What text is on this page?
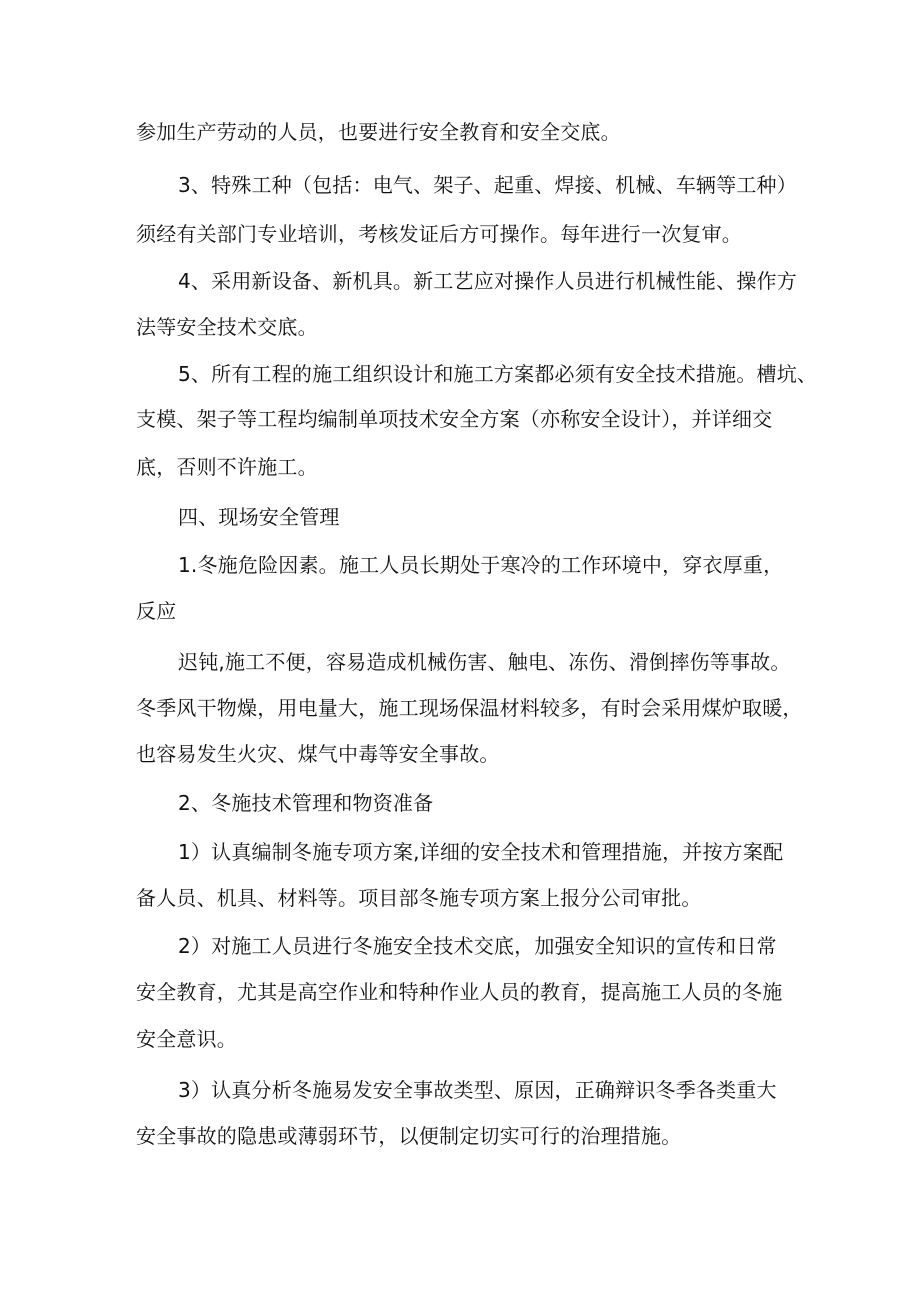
参加生产劳动的人员，也要进行安全教育和安全交底。
3、特殊工种（包括：电气、架子、起重、焊接、机械、车辆等工种）
须经有关部门专业培训，考核发证后方可操作。每年进行一次复审。
4、采用新设备、新机具。新工艺应对操作人员进行机械性能、操作方
法等安全技术交底。
5、所有工程的施工组织设计和施工方案都必须有安全技术措施。槽坑、
支模、架子等工程均编制单项技术安全方案（亦称安全设计），并详细交
底，否则不许施工。
四、现场安全管理
1.冬施危险因素。施工人员长期处于寒冷的工作环境中，穿衣厚重，
反应
迟钝,施工不便，容易造成机械伤害、触电、冻伤、滑倒摔伤等事故。
冬季风干物燥，用电量大，施工现场保温材料较多，有时会采用煤炉取暖，
也容易发生火灾、煤气中毒等安全事故。
2、冬施技术管理和物资准备
1）认真编制冬施专项方案,详细的安全技术和管理措施，并按方案配
备人员、机具、材料等。项目部冬施专项方案上报分公司审批。
2）对施工人员进行冬施安全技术交底，加强安全知识的宣传和日常
安全教育，尤其是高空作业和特种作业人员的教育，提高施工人员的冬施
安全意识。
3）认真分析冬施易发安全事故类型、原因，正确辩识冬季各类重大
安全事故的隐患或薄弱环节，以便制定切实可行的治理措施。
